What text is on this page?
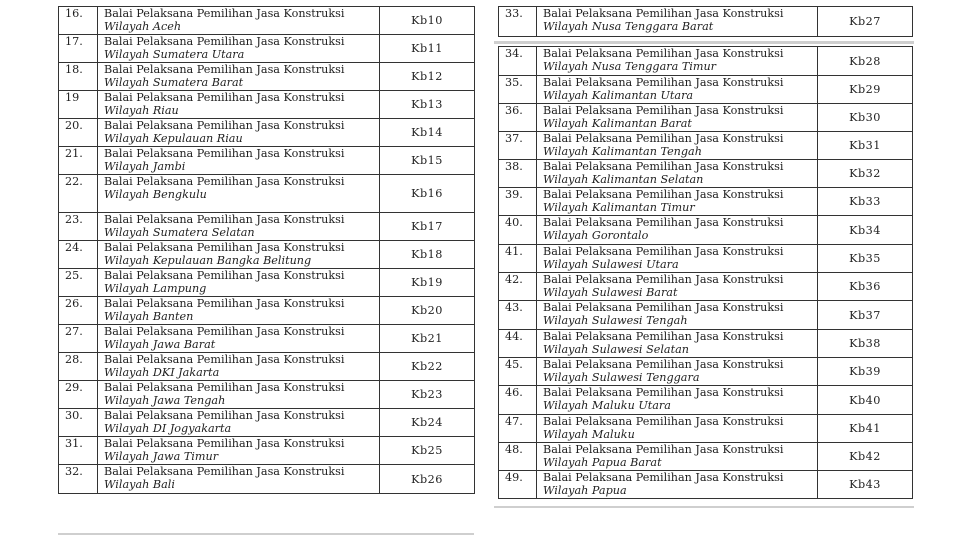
16.	Balai Pelaksana Pemilihan Jasa Konstruksi
Wilayah Aceh	Kb10
17.	Balai Pelaksana Pemilihan Jasa Konstruksi
Wilayah Sumatera Utara	Kb11
18.	Balai Pelaksana Pemilihan Jasa Konstruksi
Wilayah Sumatera Barat	Kb12
19	Balai Pelaksana Pemilihan Jasa Konstruksi
Wilayah Riau	Kb13
20.	Balai Pelaksana Pemilihan Jasa Konstruksi
Wilayah Kepulauan Riau	Kb14
21.	Balai Pelaksana Pemilihan Jasa Konstruksi
Wilayah Jambi	Kb15
22.	Balai Pelaksana Pemilihan Jasa Konstruksi
Wilayah Bengkulu	Kb16
23.	Balai Pelaksana Pemilihan Jasa Konstruksi
Wilayah Sumatera Selatan	Kb17
24.	Balai Pelaksana Pemilihan Jasa Konstruksi
Wilayah Kepulauan Bangka Belitung	Kb18
25.	Balai Pelaksana Pemilihan Jasa Konstruksi
Wilayah Lampung	Kb19
26.	Balai Pelaksana Pemilihan Jasa Konstruksi
Wilayah Banten	Kb20
27.	Balai Pelaksana Pemilihan Jasa Konstruksi
Wilayah Jawa Barat	Kb21
28.	Balai Pelaksana Pemilihan Jasa Konstruksi
Wilayah DKI Jakarta	Kb22
29.	Balai Pelaksana Pemilihan Jasa Konstruksi
Wilayah Jawa Tengah	Kb23
30.	Balai Pelaksana Pemilihan Jasa Konstruksi
Wilayah DI Jogyakarta	Kb24
31.	Balai Pelaksana Pemilihan Jasa Konstruksi
Wilayah Jawa Timur	Kb25
32.	Balai Pelaksana Pemilihan Jasa Konstruksi
Wilayah Bali	Kb26
33.	Balai Pelaksana Pemilihan Jasa Konstruksi
Wilayah Nusa Tenggara Barat	Kb27
34.	Balai Pelaksana Pemilihan Jasa Konstruksi
Wilayah Nusa Tenggara Timur	Kb28
35.	Balai Pelaksana Pemilihan Jasa Konstruksi
Wilayah Kalimantan Utara	Kb29
36.	Balai Pelaksana Pemilihan Jasa Konstruksi
Wilayah Kalimantan Barat	Kb30
37.	Balai Pelaksana Pemilihan Jasa Konstruksi
Wilayah Kalimantan Tengah	Kb31
38.	Balai Pelaksana Pemilihan Jasa Konstruksi
Wilayah Kalimantan Selatan	Kb32
39.	Balai Pelaksana Pemilihan Jasa Konstruksi
Wilayah Kalimantan Timur	Kb33
40.	Balai Pelaksana Pemilihan Jasa Konstruksi
Wilayah Gorontalo	Kb34
41.	Balai Pelaksana Pemilihan Jasa Konstruksi
Wilayah Sulawesi Utara	Kb35
42.	Balai Pelaksana Pemilihan Jasa Konstruksi
Wilayah Sulawesi Barat	Kb36
43.	Balai Pelaksana Pemilihan Jasa Konstruksi
Wilayah Sulawesi Tengah	Kb37
44.	Balai Pelaksana Pemilihan Jasa Konstruksi
Wilayah Sulawesi Selatan	Kb38
45.	Balai Pelaksana Pemilihan Jasa Konstruksi
Wilayah Sulawesi Tenggara	Kb39
46.	Balai Pelaksana Pemilihan Jasa Konstruksi
Wilayah Maluku Utara	Kb40
47.	Balai Pelaksana Pemilihan Jasa Konstruksi
Wilayah Maluku	Kb41
48.	Balai Pelaksana Pemilihan Jasa Konstruksi
Wilayah Papua Barat	Kb42
49.	Balai Pelaksana Pemilihan Jasa Konstruksi
Wilayah Papua	Kb43
